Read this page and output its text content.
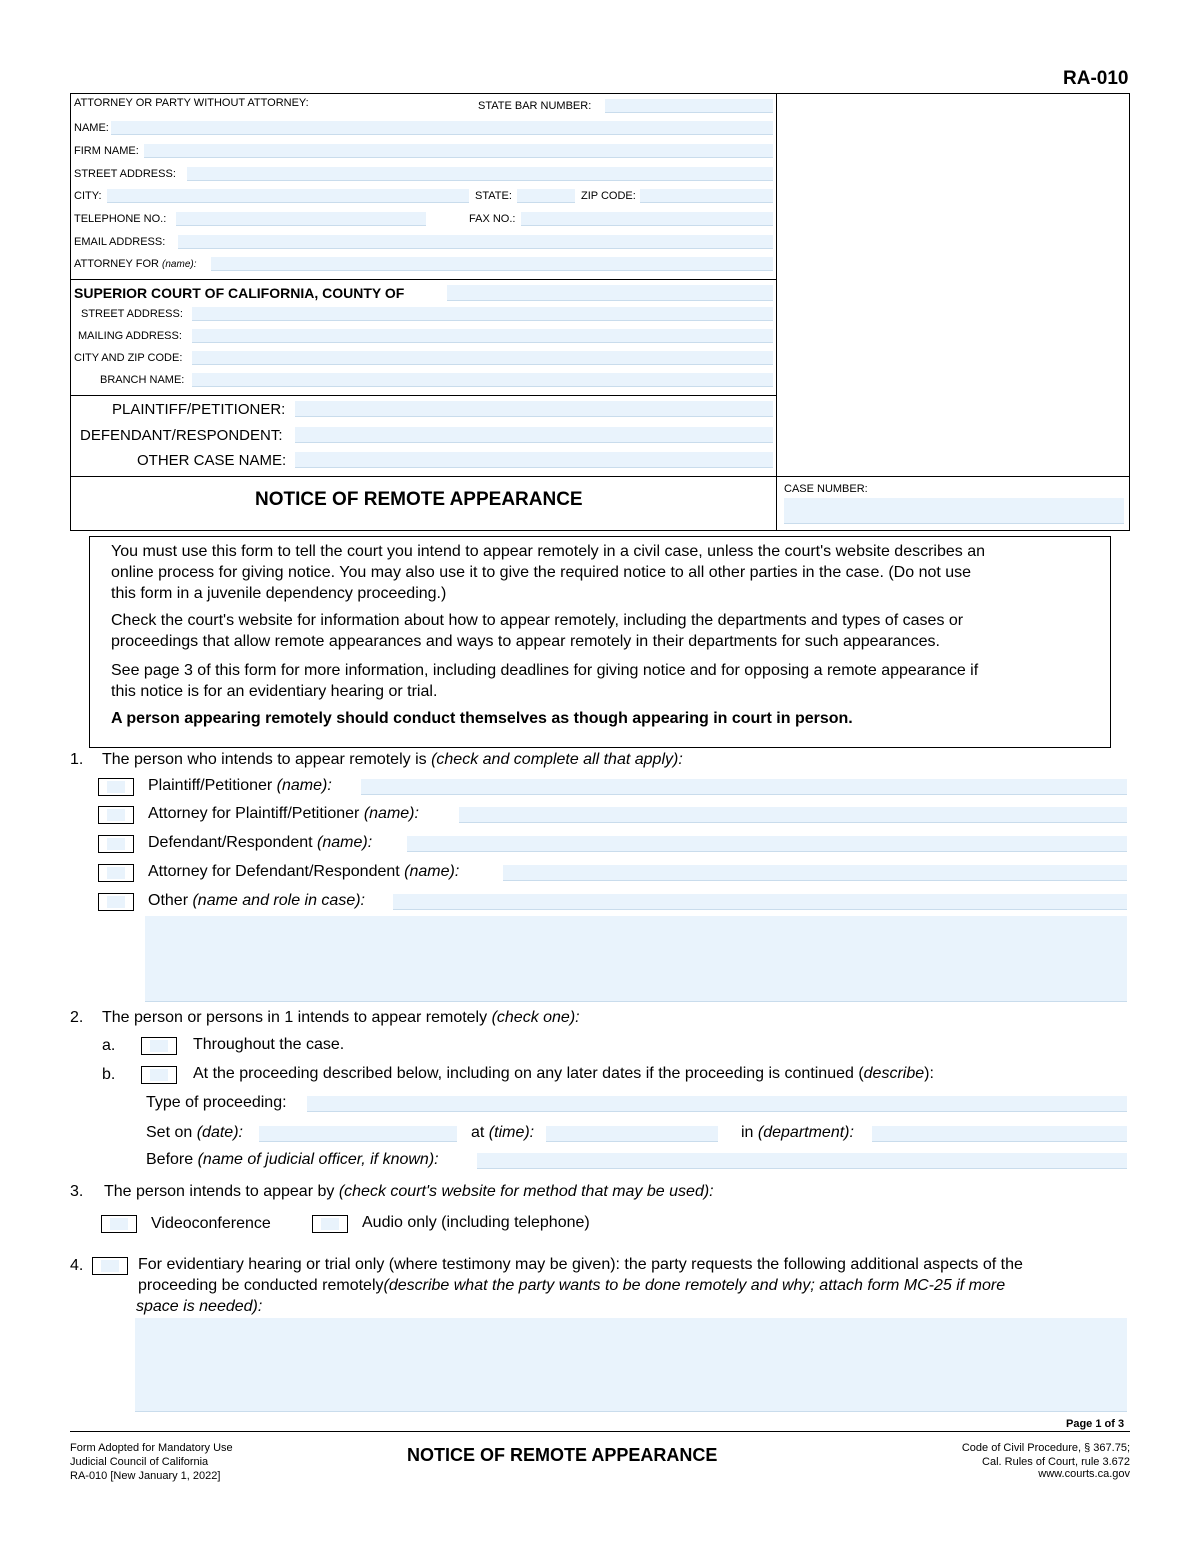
RA-010
ATTORNEY OR PARTY WITHOUT ATTORNEY:	STATE BAR NUMBER:
NAME:
FIRM NAME:
STREET ADDRESS:
CITY:	STATE:	ZIP CODE:
TELEPHONE NO.:	FAX NO.:
EMAIL ADDRESS:
ATTORNEY FOR (name):
SUPERIOR COURT OF CALIFORNIA, COUNTY OF
STREET ADDRESS:
MAILING ADDRESS:
CITY AND ZIP CODE:
BRANCH NAME:
PLAINTIFF/PETITIONER:
DEFENDANT/RESPONDENT:
OTHER CASE NAME:
NOTICE OF REMOTE APPEARANCE	CASE NUMBER:
You must use this form to tell the court you intend to appear remotely in a civil case, unless the court's website describes an
online process for giving notice. You may also use it to give the required notice to all other parties in the case. (Do not use
this form in a juvenile dependency proceeding.)
Check the court's website for information about how to appear remotely, including the departments and types of cases or
proceedings that allow remote appearances and ways to appear remotely in their departments for such appearances.
See page 3 of this form for more information, including deadlines for giving notice and for opposing a remote appearance if
this notice is for an evidentiary hearing or trial.
A person appearing remotely should conduct themselves as though appearing in court in person.
1. The person who intends to appear remotely is (check and complete all that apply):
Plaintiff/Petitioner (name):
Attorney for Plaintiff/Petitioner (name):
Defendant/Respondent (name):
Attorney for Defendant/Respondent (name):
Other (name and role in case):
2. The person or persons in 1 intends to appear remotely (check one):
a.	Throughout the case.
b.	At the proceeding described below, including on any later dates if the proceeding is continued (describe):
Type of proceeding:
Set on (date):	at (time):	in (department):
Before (name of judicial officer, if known):
3. The person intends to appear by (check court's website for method that may be used):
Videoconference	Audio only (including telephone)
4.	For evidentiary hearing or trial only (where testimony may be given): the party requests the following additional aspects of the
proceeding be conducted remotely(describe what the party wants to be done remotely and why; attach form MC-25 if more
space is needed):
Page 1 of 3
Form Adopted for Mandatory Use
Judicial Council of California
RA-010 [New January 1, 2022]
NOTICE OF REMOTE APPEARANCE	Code of Civil Procedure, § 367.75;
Cal. Rules of Court, rule 3.672
www.courts.ca.gov
